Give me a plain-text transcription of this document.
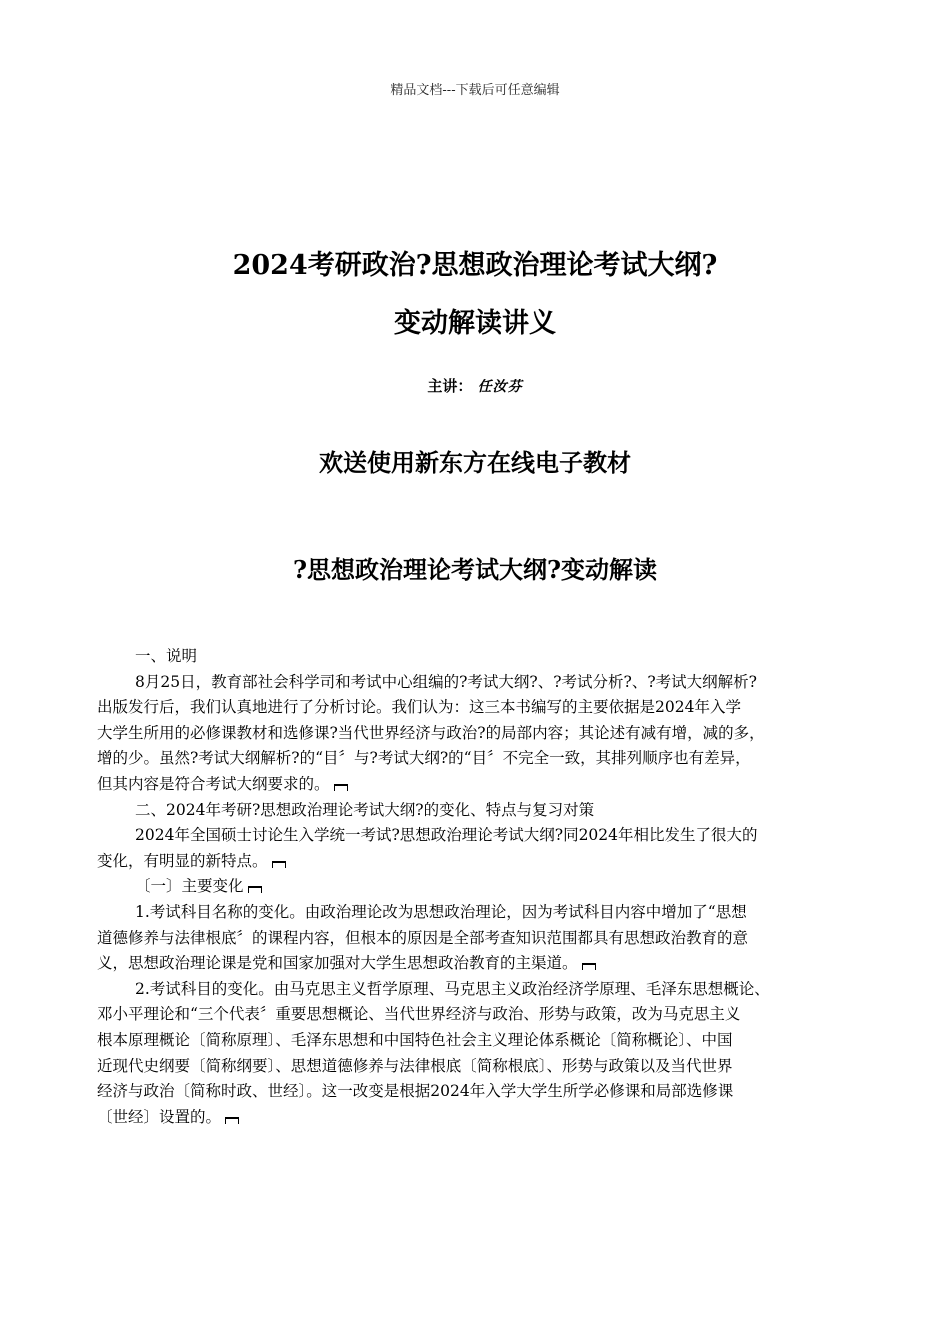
精品文档---下载后可任意编辑
2024考研政治?思想政治理论考试大纲?
变动解读讲义
主讲： 任汝芬
欢送使用新东方在线电子教材
?思想政治理论考试大纲?变动解读

一、说明

8月25日，教育部社会科学司和考试中心组编的?考试大纲?、?考试分析?、?考试大纲解析?
出版发行后，我们认真地进行了分析讨论。我们认为：这三本书编写的主要依据是2024年入学
大学生所用的必修课教材和选修课?当代世界经济与政治?的局部内容；其论述有减有增，减的多，
增的少。虽然?考试大纲解析?的“目〞与?考试大纲?的“目〞不完全一致，其排列顺序也有差异，
但其内容是符合考试大纲要求的。

二、2024年考研?思想政治理论考试大纲?的变化、特点与复习对策

2024年全国硕士讨论生入学统一考试?思想政治理论考试大纲?同2024年相比发生了很大的
变化，有明显的新特点。

〔一〕主要变化

1.考试科目名称的变化。由政治理论改为思想政治理论，因为考试科目内容中增加了“思想
道德修养与法律根底〞的课程内容，但根本的原因是全部考查知识范围都具有思想政治教育的意
义，思想政治理论课是党和国家加强对大学生思想政治教育的主渠道。

2.考试科目的变化。由马克思主义哲学原理、马克思主义政治经济学原理、毛泽东思想概论、
邓小平理论和“三个代表〞重要思想概论、当代世界经济与政治、形势与政策，改为马克思主义
根本原理概论〔简称原理〕、毛泽东思想和中国特色社会主义理论体系概论〔简称概论〕、中国
近现代史纲要〔简称纲要〕、思想道德修养与法律根底〔简称根底〕、形势与政策以及当代世界
经济与政治〔简称时政、世经〕。这一改变是根据2024年入学大学生所学必修课和局部选修课
〔世经〕设置的。
